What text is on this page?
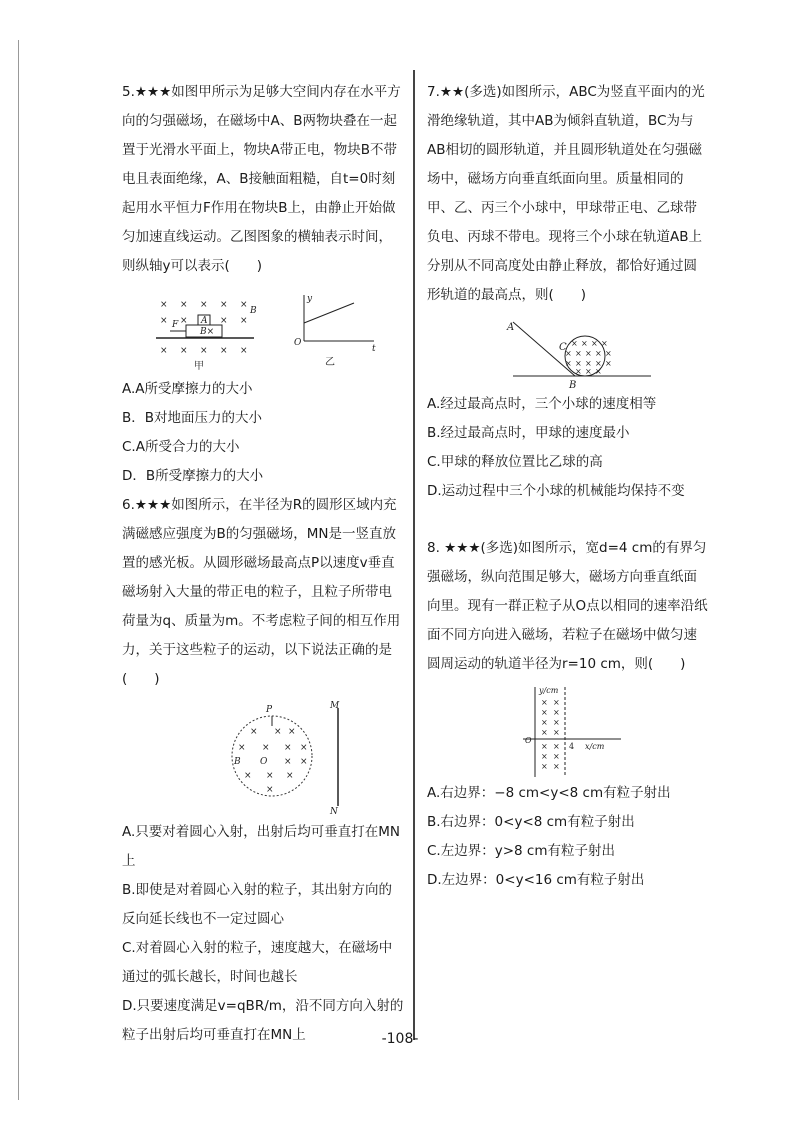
5.★★★如图甲所示为足够大空间内存在水平方向的匀强磁场，在磁场中A、B两物块叠在一起置于光滑水平面上，物块A带正电，物块B不带电且表面绝缘，A、B接触面粗糙，自t=0时刻起用水平恒力F作用在物块B上，由静止开始做匀加速直线运动。乙图图象的横轴表示时间，则纵轴y可以表示(　　)

× × × × ×
× ×	× ×
× × × × ×
A
B×
F
B
甲
y
O
t
乙

A.A所受摩擦力的大小

B．B对地面压力的大小

C.A所受合力的大小

D．B所受摩擦力的大小

6.★★★如图所示，在半径为R的圆形区域内充满磁感应强度为B的匀强磁场，MN是一竖直放置的感光板。从圆形磁场最高点P以速度v垂直磁场射入大量的带正电的粒子，且粒子所带电荷量为q、质量为m。不考虑粒子间的相互作用力，关于这些粒子的运动，以下说法正确的是(　　)

P
× × ×
× × × ×
B O × ×
× × ×
×
M
N

A.只要对着圆心入射，出射后均可垂直打在MN上

B.即使是对着圆心入射的粒子，其出射方向的反向延长线也不一定过圆心

C.对着圆心入射的粒子，速度越大，在磁场中通过的弧长越长，时间也越长

D.只要速度满足v=qBR/m，沿不同方向入射的粒子出射后均可垂直打在MN上

7.★★(多选)如图所示，ABC为竖直平面内的光滑绝缘轨道，其中AB为倾斜直轨道，BC为与AB相切的圆形轨道，并且圆形轨道处在匀强磁场中，磁场方向垂直纸面向里。质量相同的甲、乙、丙三个小球中，甲球带正电、乙球带负电、丙球不带电。现将三个小球在轨道AB上分别从不同高度处由静止释放，都恰好通过圆形轨道的最高点，则(　　)

× × × ×
× × × × ×
× × × × ×
× × ×
A
C
B

A.经过最高点时，三个小球的速度相等

B.经过最高点时，甲球的速度最小

C.甲球的释放位置比乙球的高

D.运动过程中三个小球的机械能均保持不变

8. ★★★(多选)如图所示，宽d=4 cm的有界匀强磁场，纵向范围足够大，磁场方向垂直纸面向里。现有一群正粒子从O点以相同的速率沿纸面不同方向进入磁场，若粒子在磁场中做匀速圆周运动的轨道半径为r=10 cm，则(　　)

× ×
× ×
× ×
× ×
× ×
× ×
× ×
y/cm
O
4 x/cm

A.右边界：−8 cm<y<8 cm有粒子射出

B.右边界：0<y<8 cm有粒子射出

C.左边界：y>8 cm有粒子射出

D.左边界：0<y<16 cm有粒子射出

-108-
